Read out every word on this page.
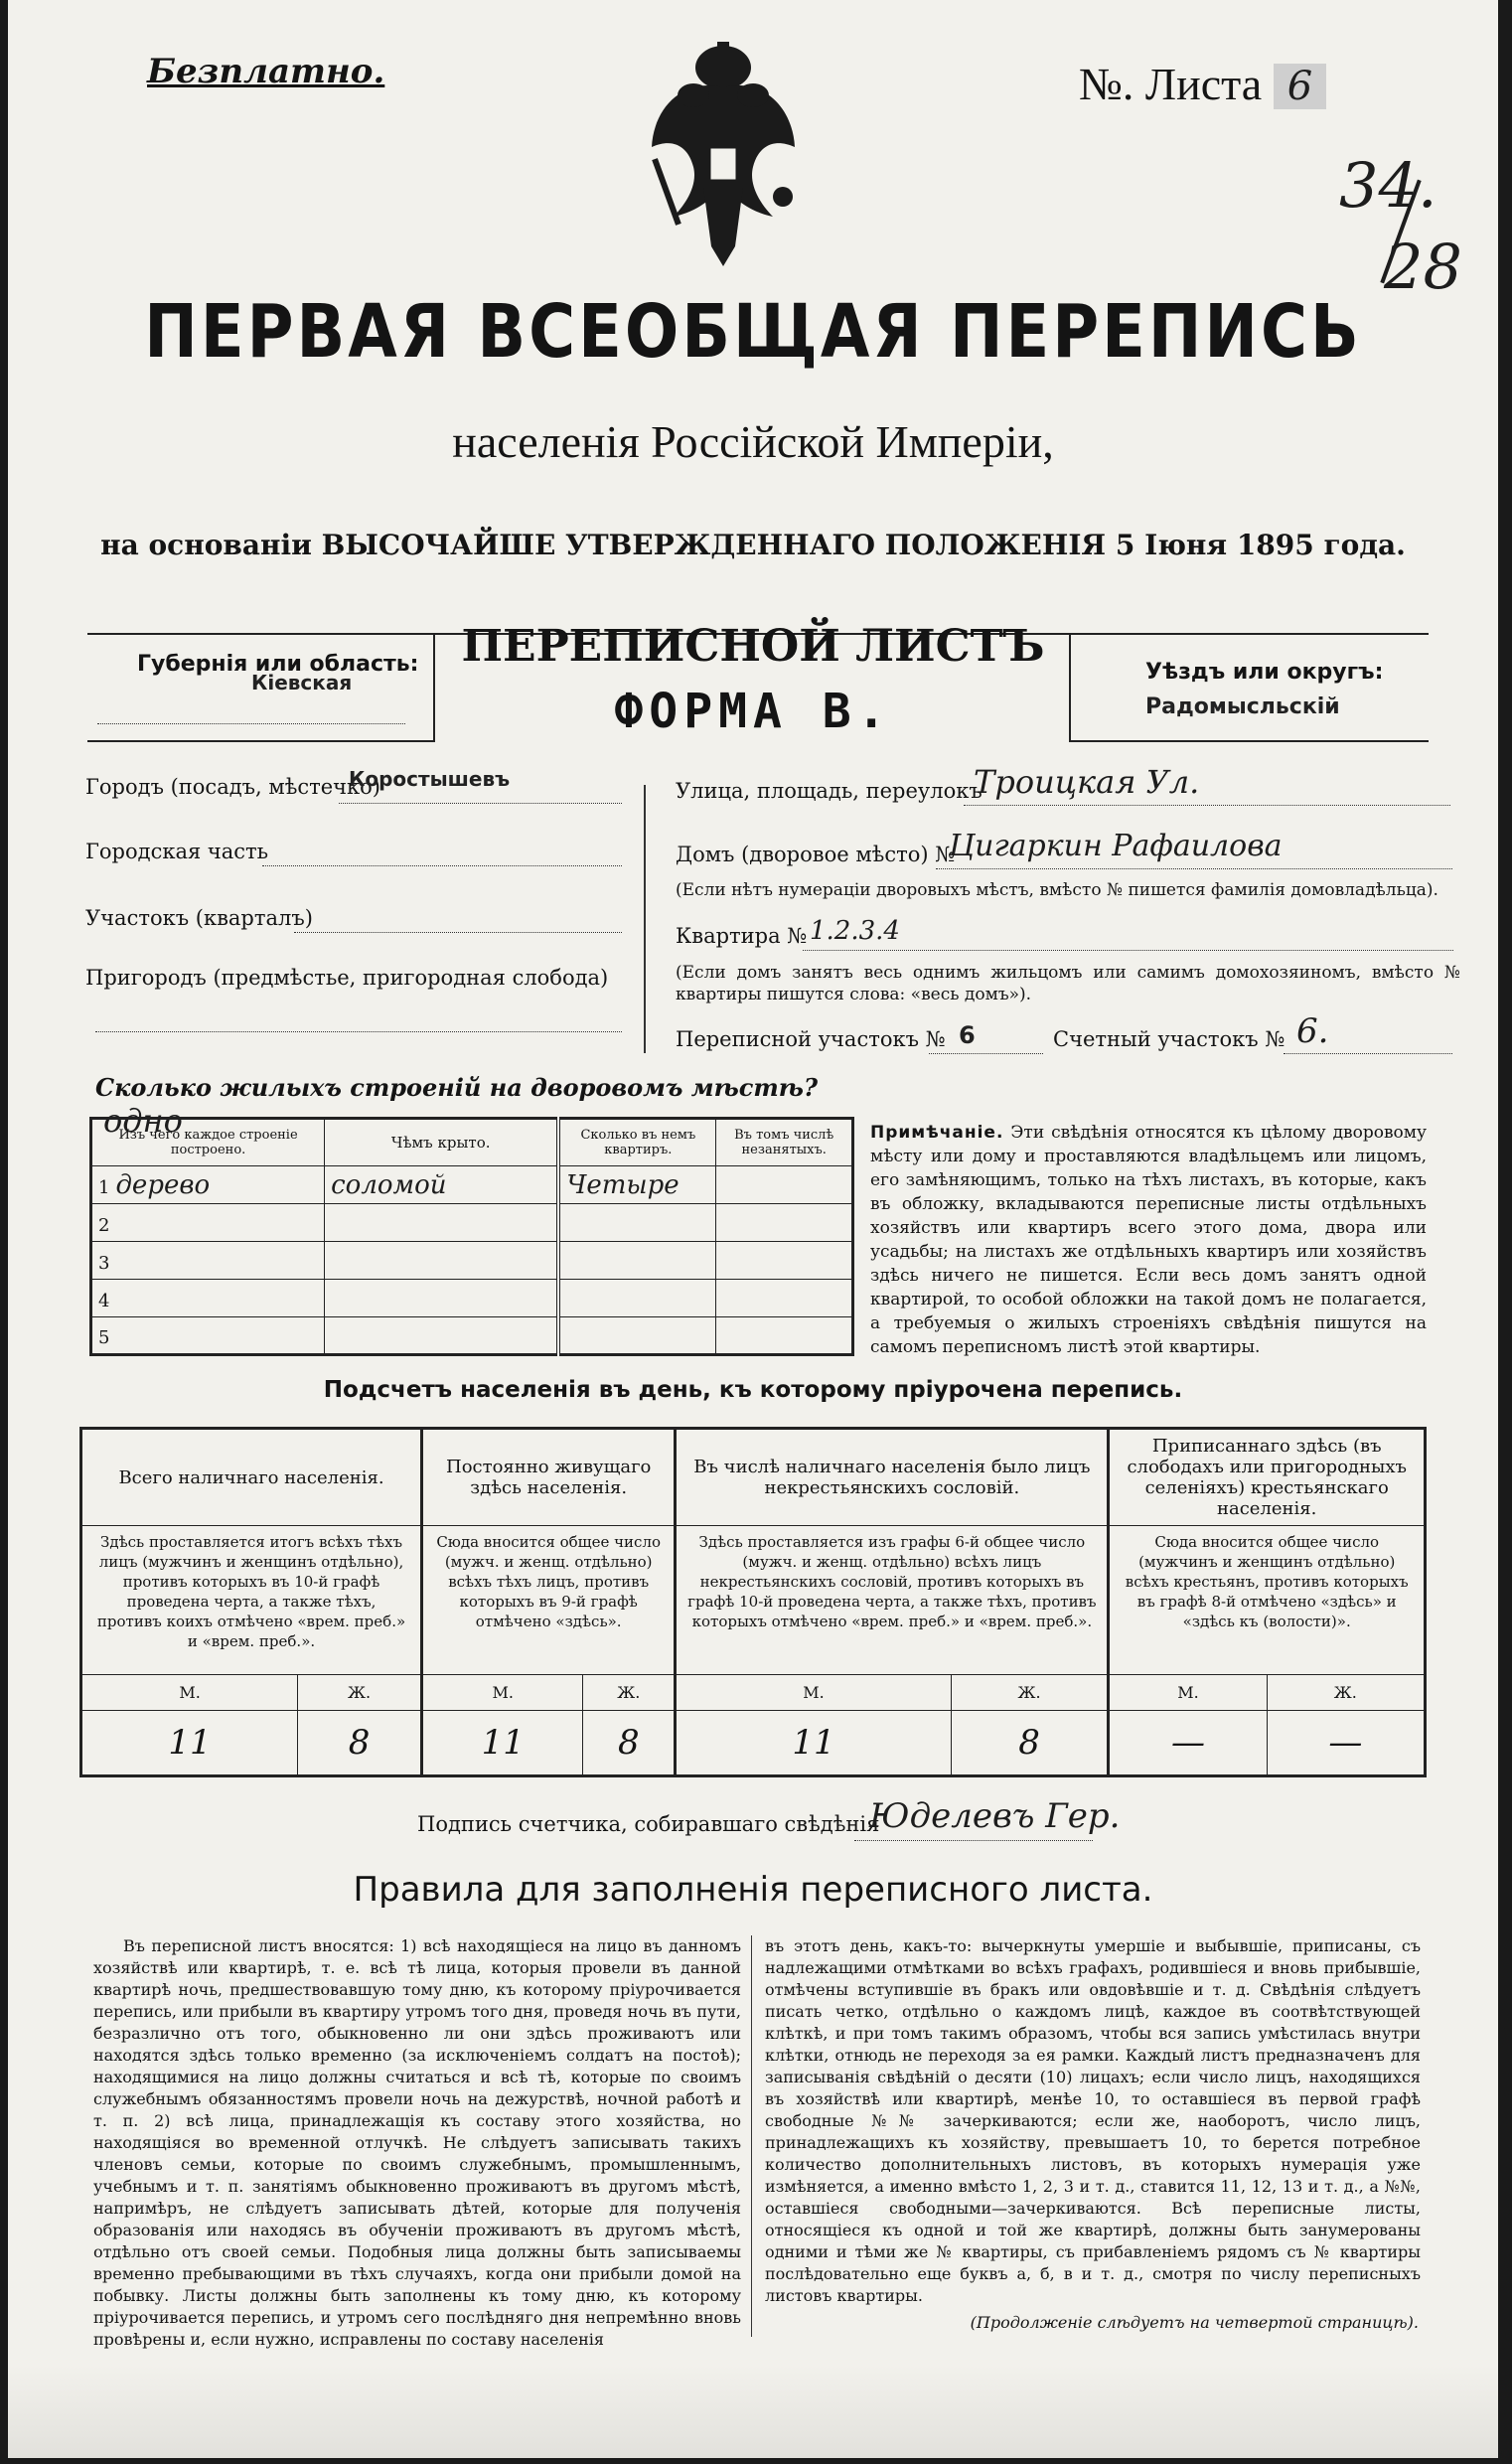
Безплатно.	№. Листа 6
34.
28
ПЕРВАЯ ВСЕОБЩАЯ ПЕРЕПИСЬ
населенія Россійской Имперіи,
на основаніи ВЫСОЧАЙШЕ УТВЕРЖДЕННАГО ПОЛОЖЕНІЯ 5 Іюня 1895 года.
Губернія или область:
Кіевская
ПЕРЕПИСНОЙ ЛИСТЪ
ФОРМА В.
Уѣздъ или округъ:
Радомысльскій
Городъ (посадъ, мѣстечко)
Коростышевъ
Городская часть
Участокъ (кварталъ)
Пригородъ (предмѣстье, пригородная слобода)
Улица, площадь, переулокъ
Троицкая Ул.
Домъ (дворовое мѣсто) №
Цигаркин Рафаилова
(Если нѣтъ нумераціи дворовыхъ мѣстъ, вмѣсто № пишется фамилія домовладѣльца).
Квартира № 1.2.3.4
(Если домъ занятъ весь однимъ жильцомъ или самимъ домохозяиномъ, вмѣсто № квартиры пишутся слова: «весь домъ»).
Переписной участокъ № 6	Счетный участокъ № 6.
Сколько жилыхъ строеній на дворовомъ мѣстѣ? одно
Изъ чего каждое строеніе построено.	Чѣмъ крыто.	Сколько въ немъ квартиръ.	Въ томъ числѣ незанятыхъ.
1 дерево	соломой	Четыре	
2			
3			
4			
5			
Примѣчаніе. Эти свѣдѣнія относятся къ цѣлому дворовому мѣсту или дому и проставляются владѣльцемъ или лицомъ, его замѣняющимъ, только на тѣхъ листахъ, въ которые, какъ въ обложку, вкладываются переписные листы отдѣльныхъ хозяйствъ или квартиръ всего этого дома, двора или усадьбы; на листахъ же отдѣльныхъ квартиръ или хозяйствъ здѣсь ничего не пишется. Если весь домъ занятъ одной квартирой, то особой обложки на такой домъ не полагается, а требуемыя о жилыхъ строеніяхъ свѣдѣнія пишутся на самомъ переписномъ листѣ этой квартиры.
Подсчетъ населенія въ день, къ которому пріурочена перепись.
Всего наличнаго населенія.		Постоянно живущаго здѣсь населенія.		Въ числѣ наличнаго населенія было лицъ некрестьянскихъ сословій.		Приписаннаго здѣсь (въ слободахъ или пригородныхъ селеніяхъ) крестьянскаго населенія.	
Здѣсь проставляется итогъ всѣхъ тѣхъ лицъ (мужчинъ и женщинъ отдѣльно), противъ которыхъ въ 10-й графѣ проведена черта, а также тѣхъ, противъ коихъ отмѣчено «врем. преб.» и «врем. преб.».		Сюда вносится общее число (мужч. и женщ. отдѣльно) всѣхъ тѣхъ лицъ, противъ которыхъ въ 9-й графѣ отмѣчено «здѣсь».		Здѣсь проставляется изъ графы 6-й общее число (мужч. и женщ. отдѣльно) всѣхъ лицъ некрестьянскихъ сословій, противъ которыхъ въ графѣ 10-й проведена черта, а также тѣхъ, противъ которыхъ отмѣчено «врем. преб.» и «врем. преб.».		Сюда вносится общее число (мужчинъ и женщинъ отдѣльно) всѣхъ крестьянъ, противъ которыхъ въ графѣ 8-й отмѣчено «здѣсь» и «здѣсь къ (волости)».	
М.	Ж.	М.	Ж.	М.	Ж.	М.	Ж.
11	8	11	8	11	8	—	—
Подпись счетчика, собиравшаго свѣдѣнія
Юделевъ Гер.
Правила для заполненія переписного листа.
Въ переписной листъ вносятся: 1) всѣ находящіеся на лицо въ данномъ хозяйствѣ или квартирѣ, т. е. всѣ тѣ лица, которыя провели въ данной квартирѣ ночь, предшествовавшую тому дню, къ которому пріурочивается перепись, или прибыли въ квартиру утромъ того дня, проведя ночь въ пути, безразлично отъ того, обыкновенно ли они здѣсь проживаютъ или находятся здѣсь только временно (за исключеніемъ солдатъ на постоѣ); находящимися на лицо должны считаться и всѣ тѣ, которые по своимъ служебнымъ обязанностямъ провели ночь на дежурствѣ, ночной работѣ и т. п. 2) всѣ лица, принадлежащія къ составу этого хозяйства, но находящіяся во временной отлучкѣ. Не слѣдуетъ записывать такихъ членовъ семьи, которые по своимъ служебнымъ, промышленнымъ, учебнымъ и т. п. занятіямъ обыкновенно проживаютъ въ другомъ мѣстѣ, напримѣръ, не слѣдуетъ записывать дѣтей, которые для полученія образованія или находясь въ обученіи проживаютъ въ другомъ мѣстѣ, отдѣльно отъ своей семьи. Подобныя лица должны быть записываемы временно пребывающими въ тѣхъ случаяхъ, когда они прибыли домой на побывку. Листы должны быть заполнены къ тому дню, къ которому пріурочивается перепись, и утромъ сего послѣдняго дня непремѣнно вновь провѣрены и, если нужно, исправлены по составу населенія
въ этотъ день, какъ-то: вычеркнуты умершіе и выбывшіе, приписаны, съ надлежащими отмѣтками во всѣхъ графахъ, родившіеся и вновь прибывшіе, отмѣчены вступившіе въ бракъ или овдовѣвшіе и т. д. Свѣдѣнія слѣдуетъ писать четко, отдѣльно о каждомъ лицѣ, каждое въ соотвѣтствующей клѣткѣ, и при томъ такимъ образомъ, чтобы вся запись умѣстилась внутри клѣтки, отнюдь не переходя за ея рамки. Каждый листъ предназначенъ для записыванія свѣдѣній о десяти (10) лицахъ; если число лицъ, находящихся въ хозяйствѣ или квартирѣ, менѣе 10, то оставшіеся въ первой графѣ свободные №№ зачеркиваются; если же, наоборотъ, число лицъ, принадлежащихъ къ хозяйству, превышаетъ 10, то берется потребное количество дополнительныхъ листовъ, въ которыхъ нумерація уже измѣняется, а именно вмѣсто 1, 2, 3 и т. д., ставится 11, 12, 13 и т. д., а №№, оставшіеся свободными—зачеркиваются. Всѣ переписные листы, относящіеся къ одной и той же квартирѣ, должны быть занумерованы одними и тѣми же № квартиры, съ прибавленіемъ рядомъ съ № квартиры послѣдовательно еще буквъ а, б, в и т. д., смотря по числу переписныхъ листовъ квартиры.
(Продолженіе слѣдуетъ на четвертой страницѣ).
